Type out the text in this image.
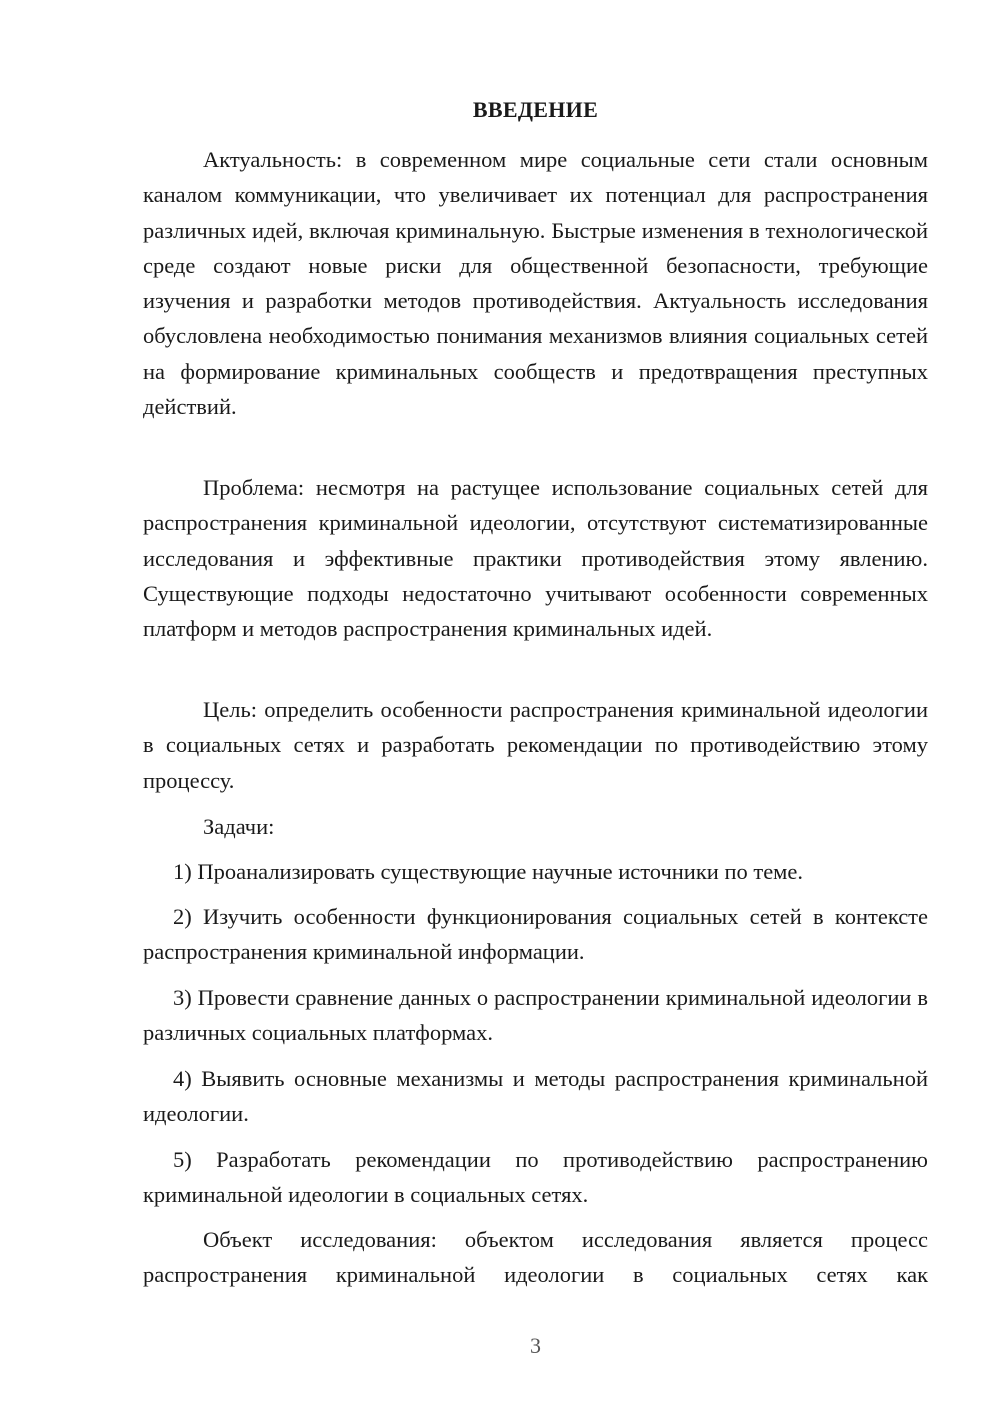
ВВЕДЕНИЕ

Актуальность: в современном мире социальные сети стали основным каналом коммуникации, что увеличивает их потенциал для распространения различных идей, включая криминальную. Быстрые изменения в технологической среде создают новые риски для общественной безопасности, требующие изучения и разработки методов противодействия. Актуальность исследования обусловлена необходимостью понимания механизмов влияния социальных сетей на формирование криминальных сообществ и предотвращения преступных действий.

Проблема: несмотря на растущее использование социальных сетей для распространения криминальной идеологии, отсутствуют систематизированные исследования и эффективные практики противодействия этому явлению. Существующие подходы недостаточно учитывают особенности современных платформ и методов распространения криминальных идей.

Цель: определить особенности распространения криминальной идеологии в социальных сетях и разработать рекомендации по противодействию этому процессу.

Задачи:

1) Проанализировать существующие научные источники по теме.

2) Изучить особенности функционирования социальных сетей в контексте распространения криминальной информации.

3) Провести сравнение данных о распространении криминальной идеологии в различных социальных платформах.

4) Выявить основные механизмы и методы распространения криминальной идеологии.

5) Разработать рекомендации по противодействию распространению криминальной идеологии в социальных сетях.

Объект исследования: объектом исследования является процесс распространения криминальной идеологии в социальных сетях как

3
